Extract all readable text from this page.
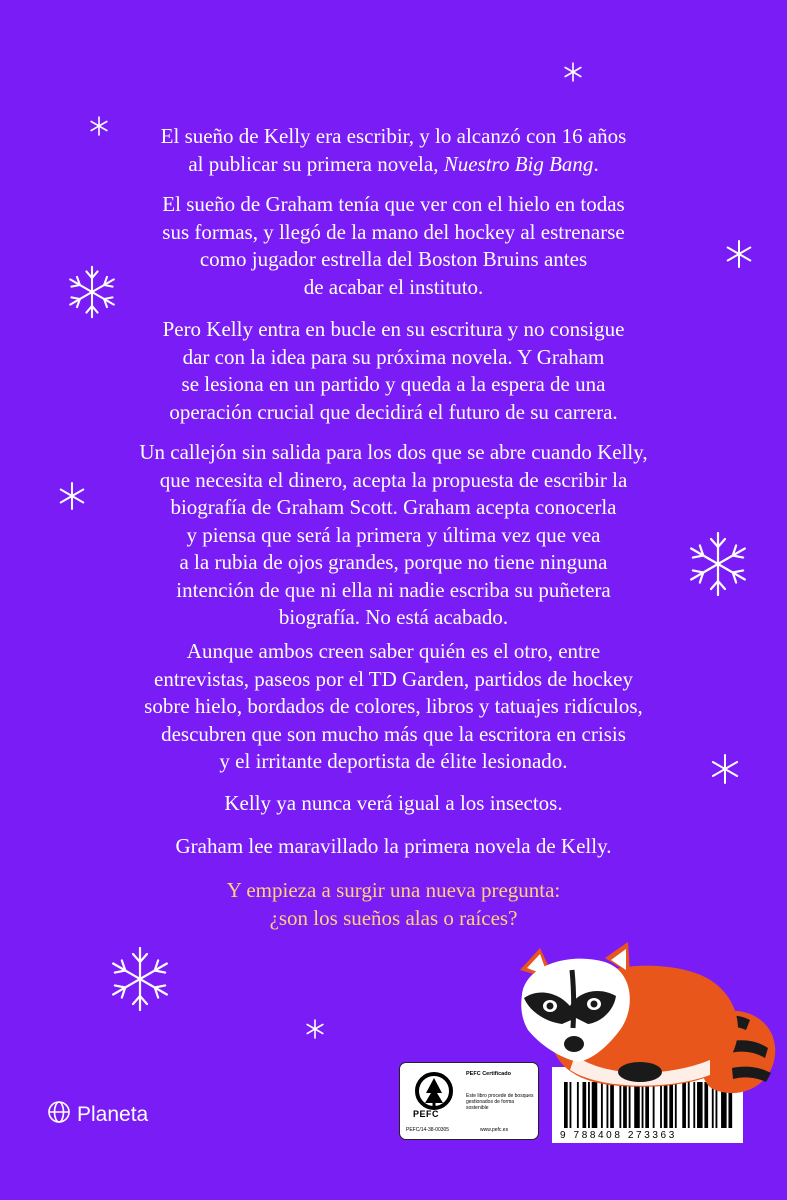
El sueño de Kelly era escribir, y lo alcanzó con 16 años
al publicar su primera novela, Nuestro Big Bang.

El sueño de Graham tenía que ver con el hielo en todas
sus formas, y llegó de la mano del hockey al estrenarse
como jugador estrella del Boston Bruins antes
de acabar el instituto.

Pero Kelly entra en bucle en su escritura y no consigue
dar con la idea para su próxima novela. Y Graham
se lesiona en un partido y queda a la espera de una
operación crucial que decidirá el futuro de su carrera.

Un callejón sin salida para los dos que se abre cuando Kelly,
que necesita el dinero, acepta la propuesta de escribir la
biografía de Graham Scott. Graham acepta conocerla
y piensa que será la primera y última vez que vea
a la rubia de ojos grandes, porque no tiene ninguna
intención de que ni ella ni nadie escriba su puñetera
biografía. No está acabado.

Aunque ambos creen saber quién es el otro, entre
entrevistas, paseos por el TD Garden, partidos de hockey
sobre hielo, bordados de colores, libros y tatuajes ridículos,
descubren que son mucho más que la escritora en crisis
y el irritante deportista de élite lesionado.

Kelly ya nunca verá igual a los insectos.

Graham lee maravillado la primera novela de Kelly.

Y empieza a surgir una nueva pregunta:
¿son los sueños alas o raíces?

Planeta	PEFC
PEFC/14-38-00305
PEFC Certificado
Este libro procede de bosques gestionados de forma sostenible
www.pefc.es	9 788408 273363
